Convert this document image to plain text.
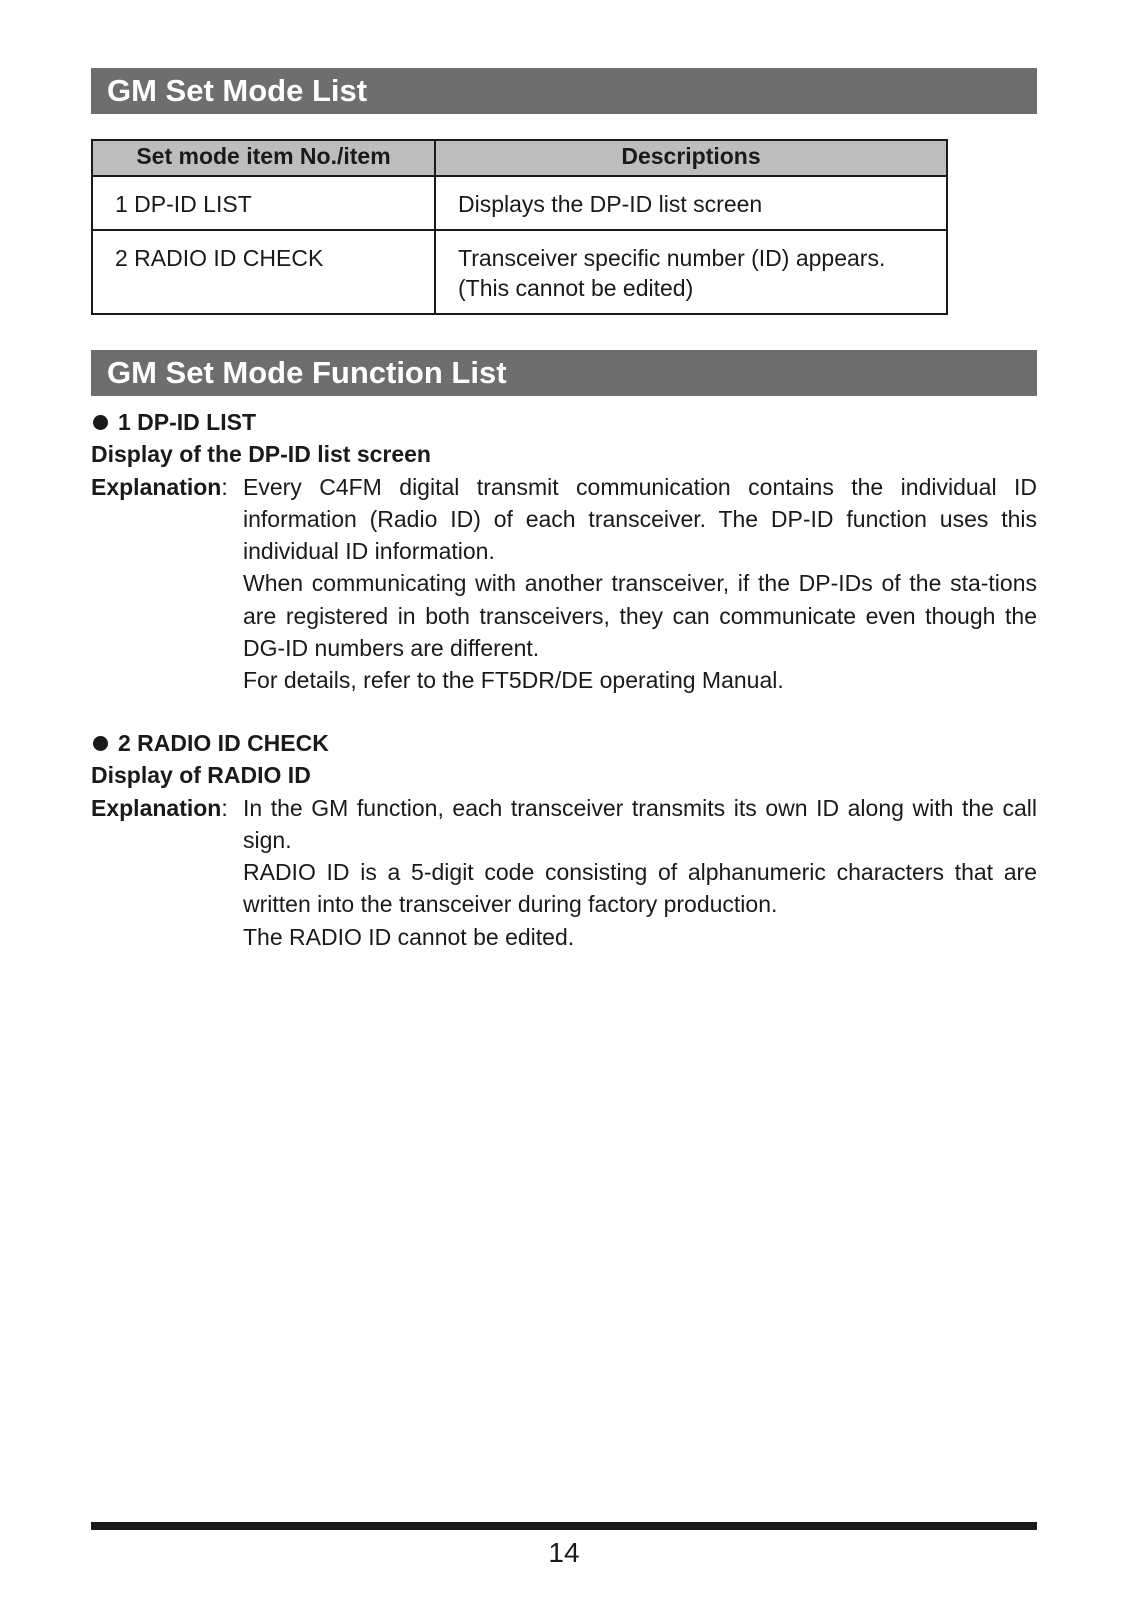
GM Set Mode List
Set mode item No./item	Descriptions
1 DP-ID LIST	Displays the DP-ID list screen

2 RADIO ID CHECK	Transceiver specific number (ID) appears.
(This cannot be edited)
GM Set Mode Function List
1 DP-ID LIST
Display of the DP-ID list screen
Explanation: Every C4FM digital transmit communication contains the individual ID information (Radio ID) of each transceiver. The DP-ID function uses this individual ID information.

When communicating with another transceiver, if the DP-IDs of the sta-tions are registered in both transceivers, they can communicate even though the DG-ID numbers are different.

For details, refer to the FT5DR/DE operating Manual.

2 RADIO ID CHECK
Display of RADIO ID
Explanation: In the GM function, each transceiver transmits its own ID along with the call sign.

RADIO ID is a 5-digit code consisting of alphanumeric characters that are written into the transceiver during factory production.

The RADIO ID cannot be edited.

14
